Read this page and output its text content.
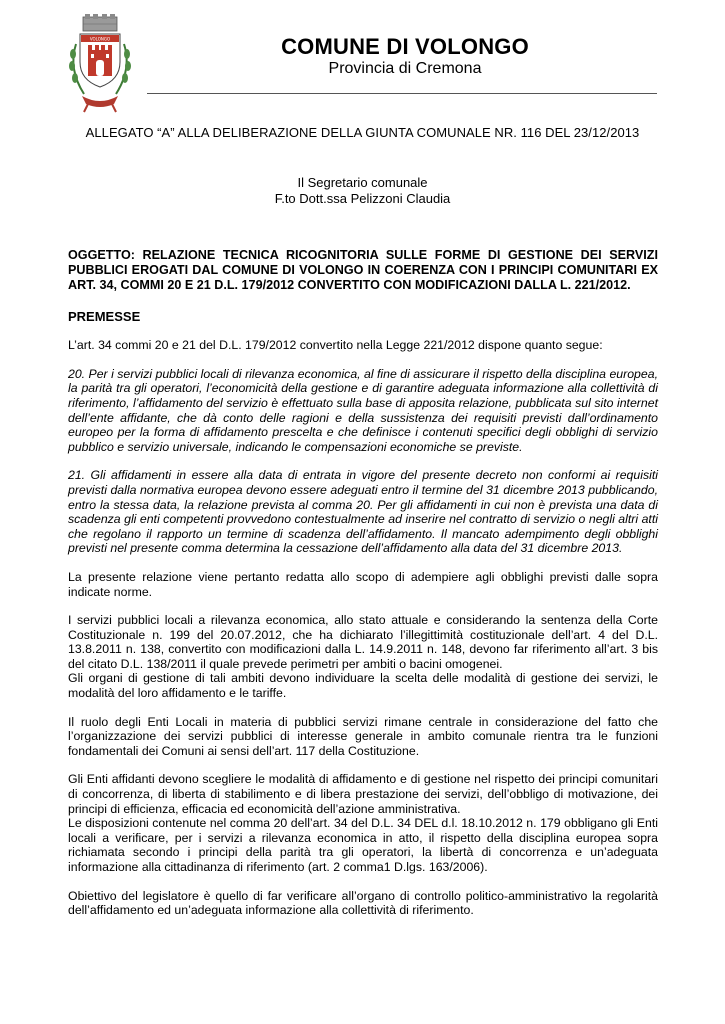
VOLONGO	COMUNE DI VOLONGO
Provincia di Cremona
ALLEGATO “A” ALLA DELIBERAZIONE DELLA GIUNTA COMUNALE NR. 116 DEL 23/12/2013
Il Segretario comunale
F.to Dott.ssa Pelizzoni Claudia

OGGETTO: RELAZIONE TECNICA RICOGNITORIA SULLE FORME DI GESTIONE DEI SERVIZI PUBBLICI EROGATI DAL COMUNE DI VOLONGO IN COERENZA CON I PRINCIPI COMUNITARI EX ART. 34, COMMI 20 E 21 D.L. 179/2012 CONVERTITO CON MODIFICAZIONI DALLA L. 221/2012.

PREMESSE

L’art. 34 commi 20 e 21 del D.L. 179/2012 convertito nella Legge 221/2012 dispone quanto segue:

20. Per i servizi pubblici locali di rilevanza economica, al fine di assicurare il rispetto della disciplina europea, la parità tra gli operatori, l’economicità della gestione e di garantire adeguata informazione alla collettività di riferimento, l’affidamento del servizio è effettuato sulla base di apposita relazione, pubblicata sul sito internet dell’ente affidante, che dà conto delle ragioni e della sussistenza dei requisiti previsti dall’ordinamento europeo per la forma di affidamento prescelta e che definisce i contenuti specifici degli obblighi di servizio pubblico e servizio universale, indicando le compensazioni economiche se previste.

21. Gli affidamenti in essere alla data di entrata in vigore del presente decreto non conformi ai requisiti previsti dalla normativa europea devono essere adeguati entro il termine del 31 dicembre 2013 pubblicando, entro la stessa data, la relazione prevista al comma 20. Per gli affidamenti in cui non è prevista una data di scadenza gli enti competenti provvedono contestualmente ad inserire nel contratto di servizio o negli altri atti che regolano il rapporto un termine di scadenza dell’affidamento. Il mancato adempimento degli obblighi previsti nel presente comma determina la cessazione dell’affidamento alla data del 31 dicembre 2013.

La presente relazione viene pertanto redatta allo scopo di adempiere agli obblighi previsti dalle sopra indicate norme.

I servizi pubblici locali a rilevanza economica, allo stato attuale e considerando la sentenza della Corte Costituzionale n. 199 del 20.07.2012, che ha dichiarato l’illegittimità costituzionale dell’art. 4 del D.L. 13.8.2011 n. 138, convertito con modificazioni dalla L. 14.9.2011 n. 148, devono far riferimento all’art. 3 bis del citato D.L. 138/2011 il quale prevede perimetri per ambiti o bacini omogenei.

Gli organi di gestione di tali ambiti devono individuare la scelta delle modalità di gestione dei servizi, le modalità del loro affidamento e le tariffe.

Il ruolo degli Enti Locali in materia di pubblici servizi rimane centrale in considerazione del fatto che l’organizzazione dei servizi pubblici di interesse generale in ambito comunale rientra tra le funzioni fondamentali dei Comuni ai sensi dell’art. 117 della Costituzione.

Gli Enti affidanti devono scegliere le modalità di affidamento e di gestione nel rispetto dei principi comunitari di concorrenza, di liberta di stabilimento e di libera prestazione dei servizi, dell’obbligo di motivazione, dei principi di efficienza, efficacia ed economicità dell’azione amministrativa.

Le disposizioni contenute nel comma 20 dell’art. 34 del D.L. 34 DEL d.l. 18.10.2012 n. 179 obbligano gli Enti locali a verificare, per i servizi a rilevanza economica in atto, il rispetto della disciplina europea sopra richiamata secondo i principi della parità tra gli operatori, la libertà di concorrenza e un’adeguata informazione alla cittadinanza di riferimento (art. 2 comma1 D.lgs. 163/2006).

Obiettivo del legislatore è quello di far verificare all’organo di controllo politico-amministrativo la regolarità dell’affidamento ed un’adeguata informazione alla collettività di riferimento.
